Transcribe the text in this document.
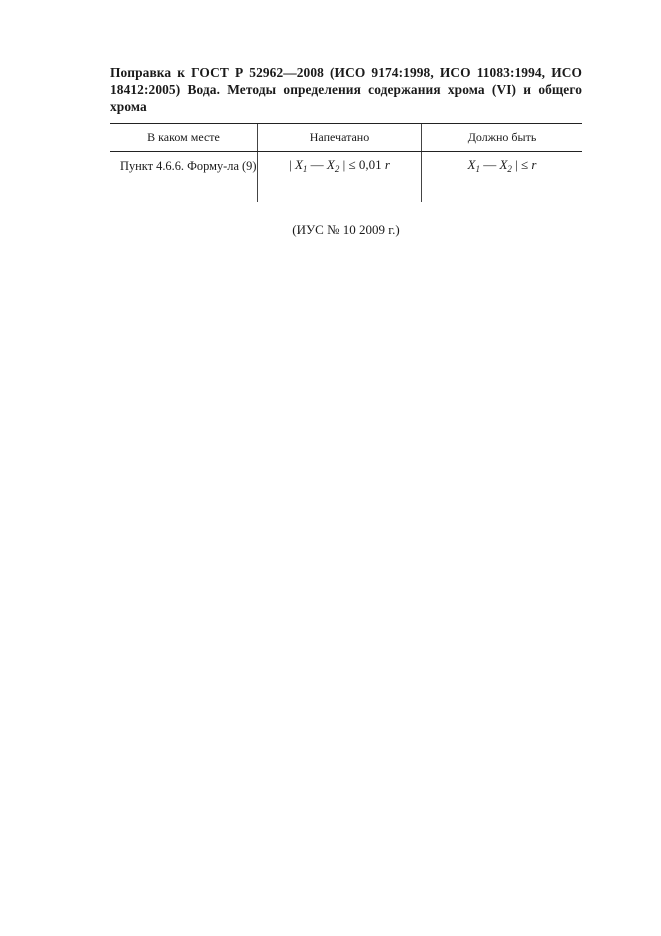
Поправка к ГОСТ Р 52962—2008 (ИСО 9174:1998, ИСО 11083:1994, ИСО 18412:2005) Вода. Методы определения содержания хрома (VI) и общего хрома
В каком месте	Напечатано	Должно быть
Пункт 4.6.6. Форму-ла (9)	| $X_1$ — $X_2$ | ≤ 0,01 r	$X_1$ — $X_2$ | ≤ r
(ИУС № 10 2009 г.)
